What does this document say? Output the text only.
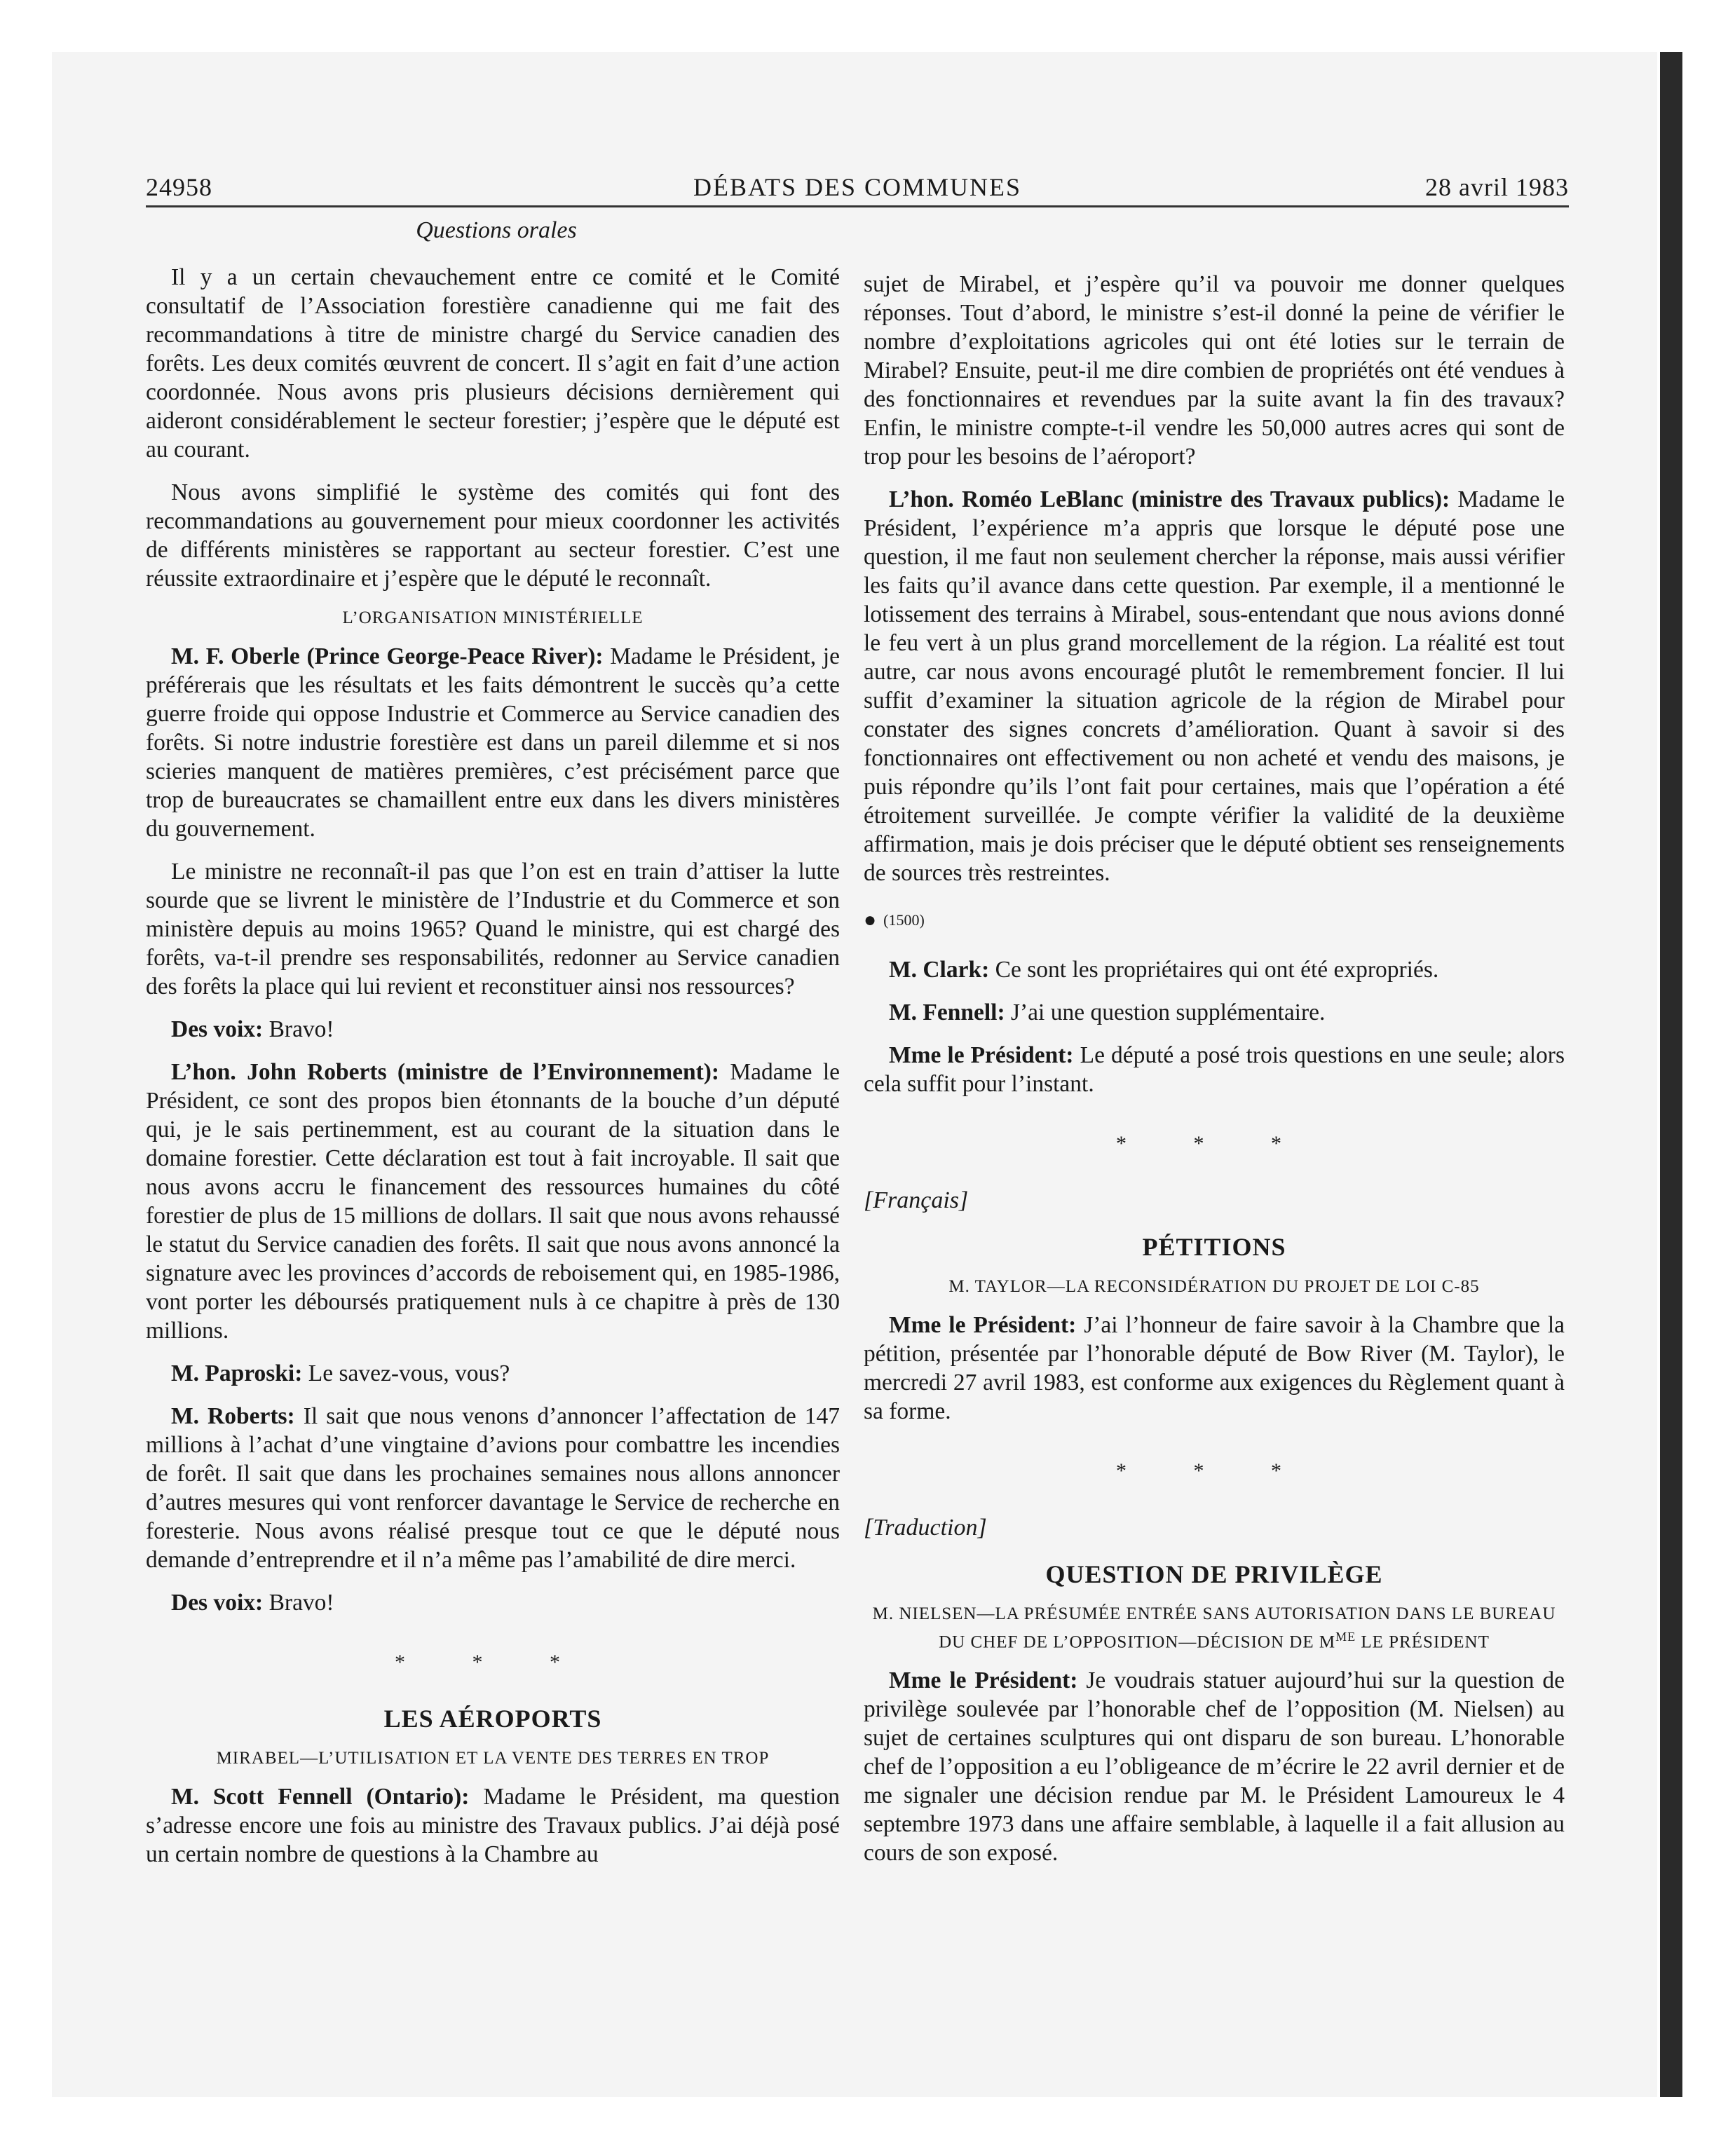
24958	DÉBATS DES COMMUNES	28 avril 1983
Questions orales

Il y a un certain chevauchement entre ce comité et le Comité consultatif de l’Association forestière canadienne qui me fait des recommandations à titre de ministre chargé du Service canadien des forêts. Les deux comités œuvrent de concert. Il s’agit en fait d’une action coordonnée. Nous avons pris plusieurs décisions dernièrement qui aideront considérablement le secteur forestier; j’espère que le député est au courant.

Nous avons simplifié le système des comités qui font des recommandations au gouvernement pour mieux coordonner les activités de différents ministères se rapportant au secteur forestier. C’est une réussite extraordinaire et j’espère que le député le reconnaît.

L’ORGANISATION MINISTÉRIELLE

M. F. Oberle (Prince George-Peace River): Madame le Président, je préférerais que les résultats et les faits démontrent le succès qu’a cette guerre froide qui oppose Industrie et Commerce au Service canadien des forêts. Si notre industrie forestière est dans un pareil dilemme et si nos scieries manquent de matières premières, c’est précisément parce que trop de bureaucrates se chamaillent entre eux dans les divers ministères du gouvernement.

Le ministre ne reconnaît-il pas que l’on est en train d’attiser la lutte sourde que se livrent le ministère de l’Industrie et du Commerce et son ministère depuis au moins 1965? Quand le ministre, qui est chargé des forêts, va-t-il prendre ses responsabilités, redonner au Service canadien des forêts la place qui lui revient et reconstituer ainsi nos ressources?

Des voix: Bravo!

L’hon. John Roberts (ministre de l’Environnement): Madame le Président, ce sont des propos bien étonnants de la bouche d’un député qui, je le sais pertinemment, est au courant de la situation dans le domaine forestier. Cette déclaration est tout à fait incroyable. Il sait que nous avons accru le financement des ressources humaines du côté forestier de plus de 15 millions de dollars. Il sait que nous avons rehaussé le statut du Service canadien des forêts. Il sait que nous avons annoncé la signature avec les provinces d’accords de reboisement qui, en 1985-1986, vont porter les déboursés pratiquement nuls à ce chapitre à près de 130 millions.

M. Paproski: Le savez-vous, vous?

M. Roberts: Il sait que nous venons d’annoncer l’affectation de 147 millions à l’achat d’une vingtaine d’avions pour combattre les incendies de forêt. Il sait que dans les prochaines semaines nous allons annoncer d’autres mesures qui vont renforcer davantage le Service de recherche en foresterie. Nous avons réalisé presque tout ce que le député nous demande d’entreprendre et il n’a même pas l’amabilité de dire merci.

Des voix: Bravo!

* * *
LES AÉROPORTS
MIRABEL—L’UTILISATION ET LA VENTE DES TERRES EN TROP

M. Scott Fennell (Ontario): Madame le Président, ma question s’adresse encore une fois au ministre des Travaux publics. J’ai déjà posé un certain nombre de questions à la Chambre au

sujet de Mirabel, et j’espère qu’il va pouvoir me donner quelques réponses. Tout d’abord, le ministre s’est-il donné la peine de vérifier le nombre d’exploitations agricoles qui ont été loties sur le terrain de Mirabel? Ensuite, peut-il me dire combien de propriétés ont été vendues à des fonctionnaires et revendues par la suite avant la fin des travaux? Enfin, le ministre compte-t-il vendre les 50,000 autres acres qui sont de trop pour les besoins de l’aéroport?

L’hon. Roméo LeBlanc (ministre des Travaux publics): Madame le Président, l’expérience m’a appris que lorsque le député pose une question, il me faut non seulement chercher la réponse, mais aussi vérifier les faits qu’il avance dans cette question. Par exemple, il a mentionné le lotissement des terrains à Mirabel, sous-entendant que nous avions donné le feu vert à un plus grand morcellement de la région. La réalité est tout autre, car nous avons encouragé plutôt le remembrement foncier. Il lui suffit d’examiner la situation agricole de la région de Mirabel pour constater des signes concrets d’amélioration. Quant à savoir si des fonctionnaires ont effectivement ou non acheté et vendu des maisons, je puis répondre qu’ils l’ont fait pour certaines, mais que l’opération a été étroitement surveillée. Je compte vérifier la validité de la deuxième affirmation, mais je dois préciser que le député obtient ses renseignements de sources très restreintes.

● (1500)

M. Clark: Ce sont les propriétaires qui ont été expropriés.

M. Fennell: J’ai une question supplémentaire.

Mme le Président: Le député a posé trois questions en une seule; alors cela suffit pour l’instant.

* * *
[Français]
PÉTITIONS
M. TAYLOR—LA RECONSIDÉRATION DU PROJET DE LOI C-85

Mme le Président: J’ai l’honneur de faire savoir à la Chambre que la pétition, présentée par l’honorable député de Bow River (M. Taylor), le mercredi 27 avril 1983, est conforme aux exigences du Règlement quant à sa forme.

* * *
[Traduction]
QUESTION DE PRIVILÈGE
M. NIELSEN—LA PRÉSUMÉE ENTRÉE SANS AUTORISATION DANS LE BUREAU DU CHEF DE L’OPPOSITION—DÉCISION DE $M^{ME}$ LE PRÉSIDENT

Mme le Président: Je voudrais statuer aujourd’hui sur la question de privilège soulevée par l’honorable chef de l’opposition (M. Nielsen) au sujet de certaines sculptures qui ont disparu de son bureau. L’honorable chef de l’opposition a eu l’obligeance de m’écrire le 22 avril dernier et de me signaler une décision rendue par M. le Président Lamoureux le 4 septembre 1973 dans une affaire semblable, à laquelle il a fait allusion au cours de son exposé.
